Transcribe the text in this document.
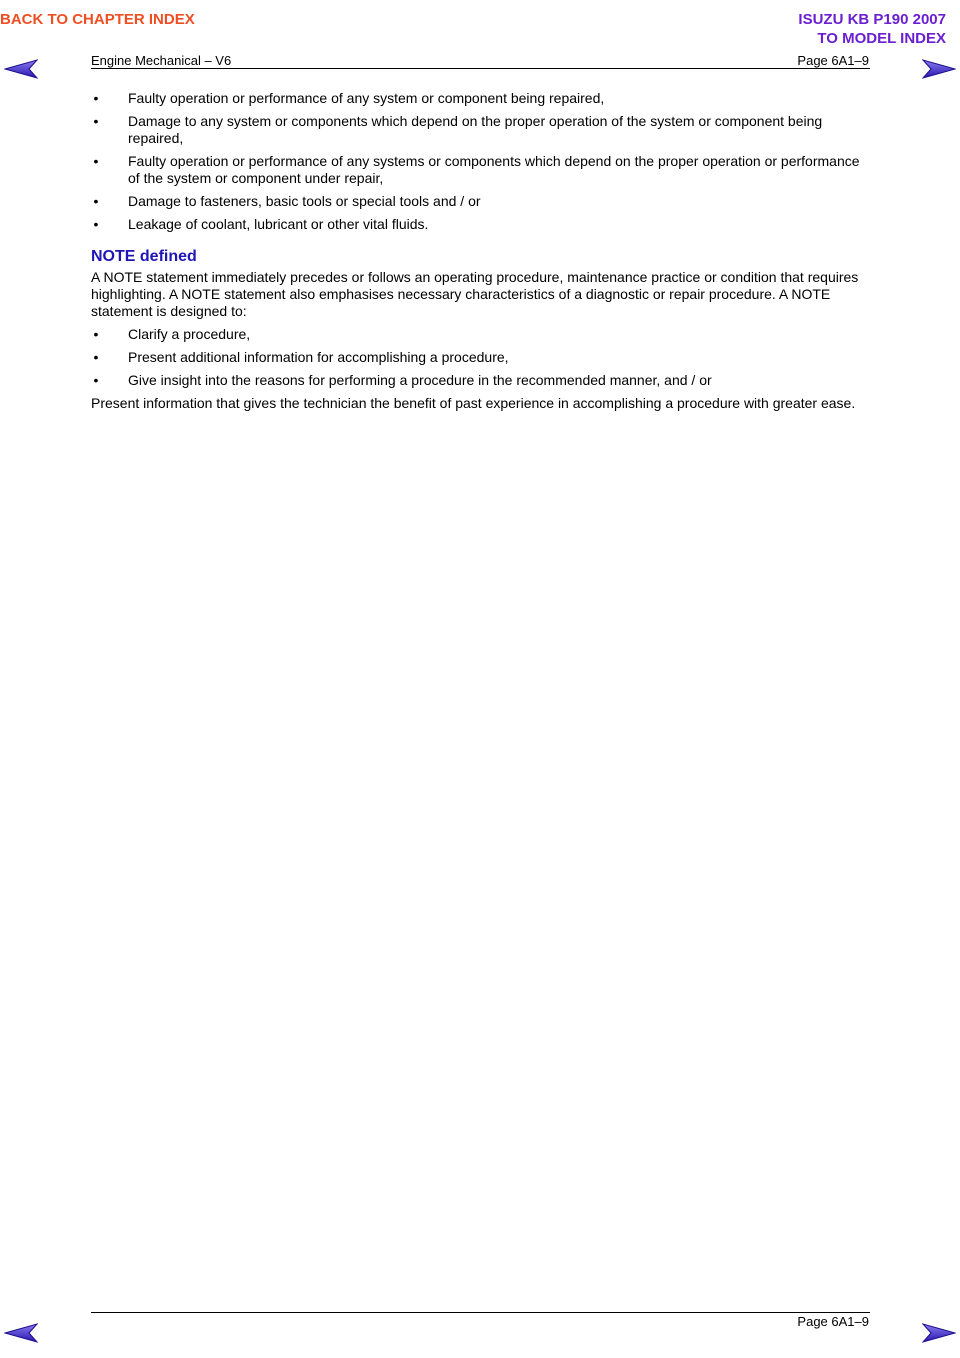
BACK TO CHAPTER INDEX	ISUZU KB P190 2007
TO MODEL INDEX
Engine Mechanical – V6	Page 6A1–9
• Faulty operation or performance of any system or component being repaired,
• Damage to any system or components which depend on the proper operation of the system or component being repaired,
• Faulty operation or performance of any systems or components which depend on the proper operation or performance of the system or component under repair,
• Damage to fasteners, basic tools or special tools and / or
• Leakage of coolant, lubricant or other vital fluids.
NOTE defined

A NOTE statement immediately precedes or follows an operating procedure, maintenance practice or condition that requires highlighting. A NOTE statement also emphasises necessary characteristics of a diagnostic or repair procedure. A NOTE statement is designed to:

• Clarify a procedure,
• Present additional information for accomplishing a procedure,
• Give insight into the reasons for performing a procedure in the recommended manner, and / or

Present information that gives the technician the benefit of past experience in accomplishing a procedure with greater ease.

Page 6A1–9
